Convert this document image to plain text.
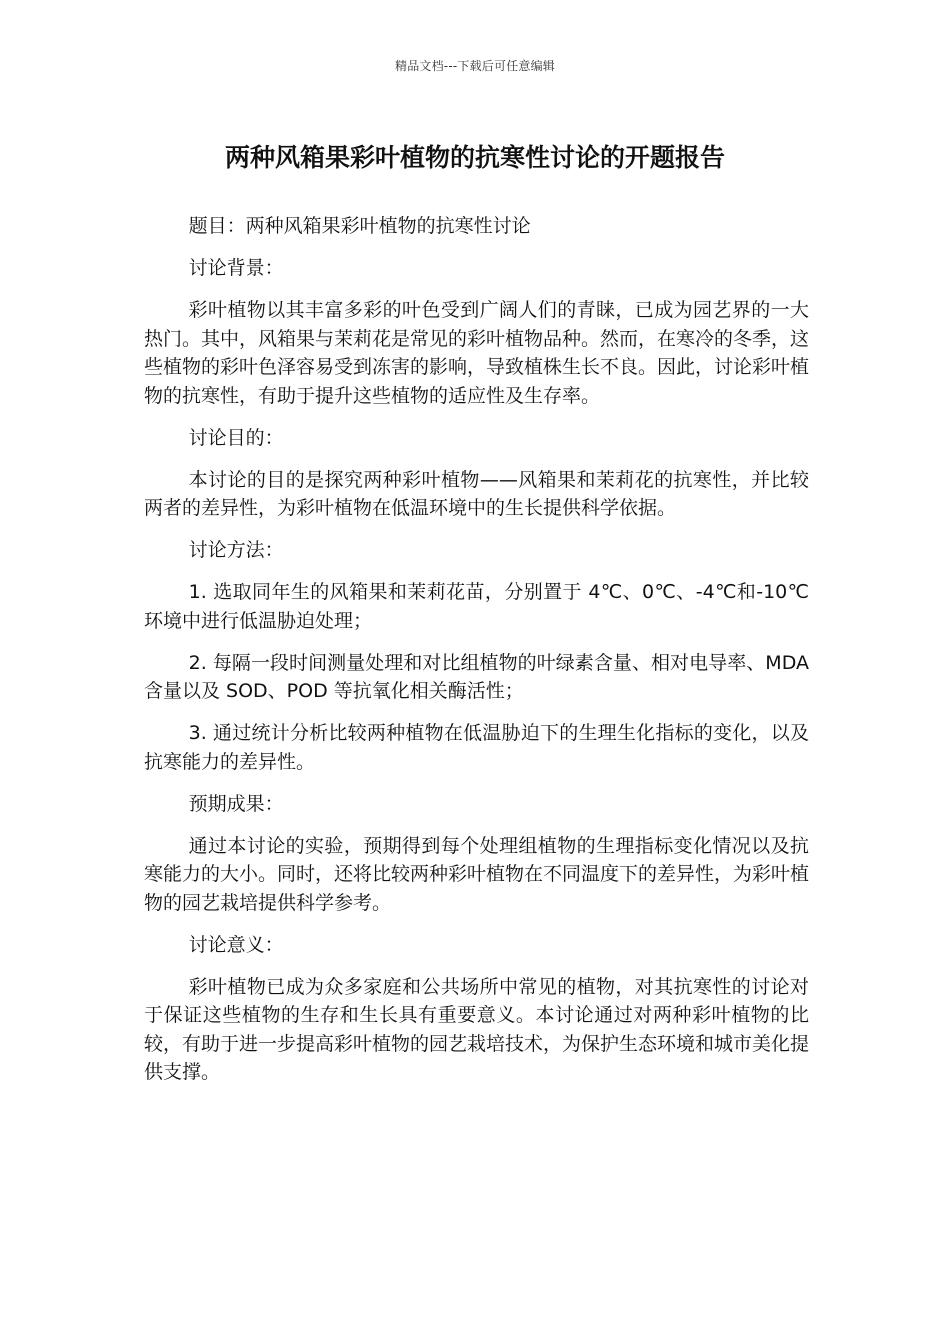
精品文档---下载后可任意编辑
两种风箱果彩叶植物的抗寒性讨论的开题报告

题目：两种风箱果彩叶植物的抗寒性讨论

讨论背景：

彩叶植物以其丰富多彩的叶色受到广阔人们的青睐，已成为园艺界的一大热门。其中，风箱果与茉莉花是常见的彩叶植物品种。然而，在寒冷的冬季，这些植物的彩叶色泽容易受到冻害的影响，导致植株生长不良。因此，讨论彩叶植物的抗寒性，有助于提升这些植物的适应性及生存率。

讨论目的：

本讨论的目的是探究两种彩叶植物——风箱果和茉莉花的抗寒性，并比较两者的差异性，为彩叶植物在低温环境中的生长提供科学依据。

讨论方法：

1. 选取同年生的风箱果和茉莉花苗，分别置于 4℃、0℃、-4℃和-10℃环境中进行低温胁迫处理；

2. 每隔一段时间测量处理和对比组植物的叶绿素含量、相对电导率、MDA 含量以及 SOD、POD 等抗氧化相关酶活性；

3. 通过统计分析比较两种植物在低温胁迫下的生理生化指标的变化，以及抗寒能力的差异性。

预期成果：

通过本讨论的实验，预期得到每个处理组植物的生理指标变化情况以及抗寒能力的大小。同时，还将比较两种彩叶植物在不同温度下的差异性，为彩叶植物的园艺栽培提供科学参考。

讨论意义：

彩叶植物已成为众多家庭和公共场所中常见的植物，对其抗寒性的讨论对于保证这些植物的生存和生长具有重要意义。本讨论通过对两种彩叶植物的比较，有助于进一步提高彩叶植物的园艺栽培技术，为保护生态环境和城市美化提供支撑。
